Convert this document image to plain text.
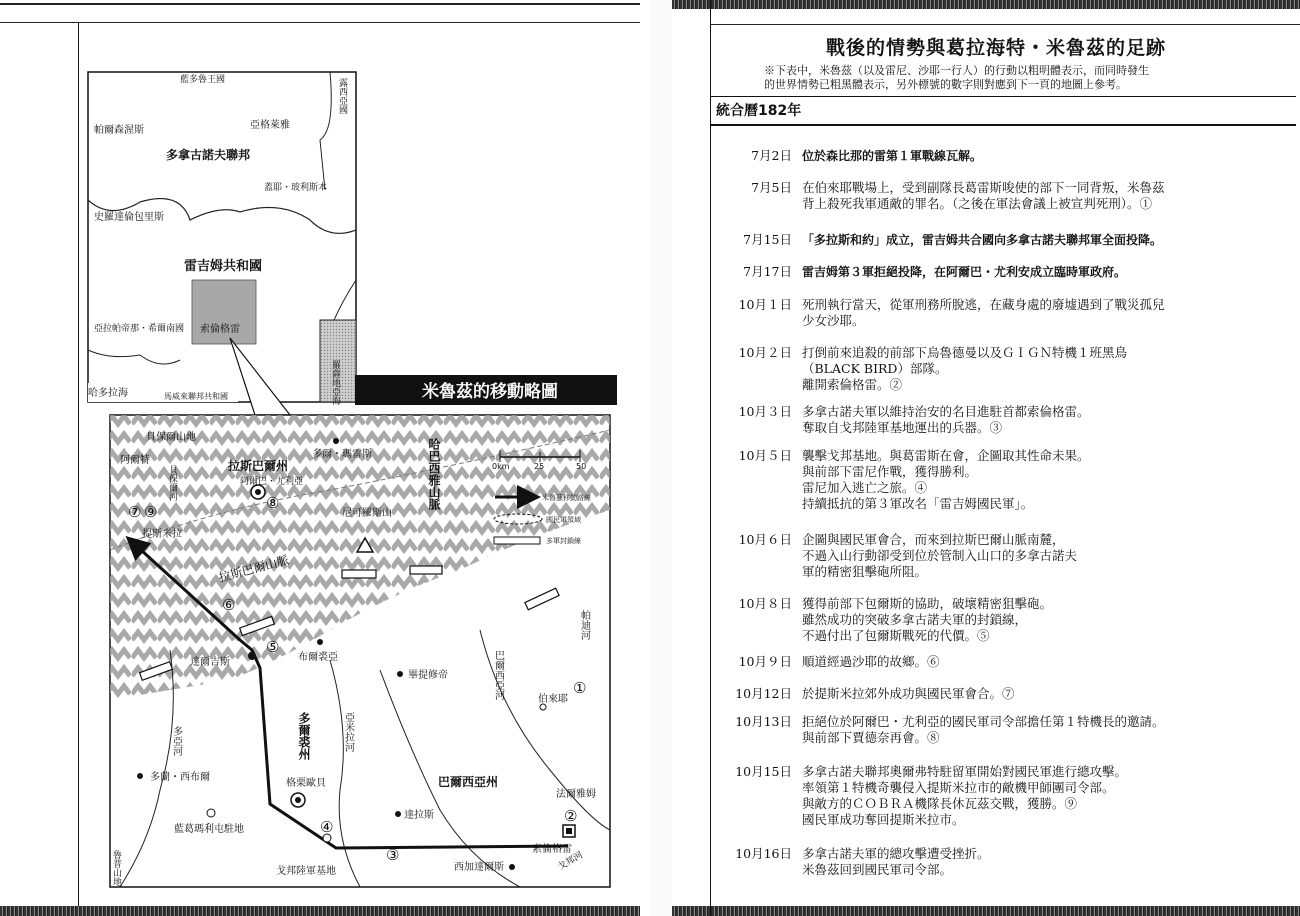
藍多魯王國
帕爾森渥斯	亞格萊雅
多拿古諾夫聯邦
蓋耶・玻利斯本
史羅達倫包里斯
雷吉姆共和國
亞拉帕帝那・希爾南國 索倫格雷
哈多拉海	馬威來聯邦共和國	羅薩地亞海
露西亞國
米魯茲的移動略圖
0km	25	50
米魯茲移動路線
國民軍領域
多軍封鎖線
貝保爾山地
阿爾特
貝保爾河	拉斯巴爾州
阿爾巴・尤利亞
多爾・瑪雷斯	哈巴西雅山脈
尼可羅斯山
提斯米拉
拉斯巴爾山脈
達爾吉斯	布爾裘亞
畢提修帝
多亞河	多爾裘州	亞米拉河
巴爾西亞河
帕迪河
伯來耶
多蘭・西布爾
格栗歐貝	巴爾西亞州
法爾雅姆
達拉斯
藍葛瑪利屯駐地
索倫格雷
戈邦陸軍基地	西加達爾斯
魯普山地	戈邦河
①
②
③
④
⑤
⑥
⑦	⑧
⑨
戰後的情勢與葛拉海特・米魯茲的足跡
※下表中，米魯茲（以及雷尼、沙耶一行人）的行動以粗明體表示，而同時發生
的世界情勢已粗黑體表示，另外標號的數字則對應到下一頁的地圖上參考。
統合曆182年
7月2日 位於森比那的雷第１軍戰線瓦解。
7月5日 在伯來耶戰場上，受到副隊長葛雷斯唆使的部下一同背叛，米魯茲
背上殺死我軍通敵的罪名。（之後在軍法會議上被宣判死刑）。①
7月15日 「多拉斯和約」成立，雷吉姆共合國向多拿古諾夫聯邦軍全面投降。
7月17日 雷吉姆第３軍拒絕投降，在阿爾巴・尤利安成立臨時軍政府。
10月１日 死刑執行當天，從軍刑務所脫逃，在藏身處的廢墟遇到了戰災孤兒
少女沙耶。
10月２日 打倒前來追殺的前部下烏魯德曼以及ＧＩＧＮ特機１班黑鳥
（BLACK BIRD）部隊。
離開索倫格雷。②
10月３日 多拿古諾夫軍以維持治安的名目進駐首都索倫格雷。
奪取自戈邦陸軍基地運出的兵器。③
10月５日 襲擊戈邦基地。與葛雷斯在會，企圖取其性命未果。
與前部下雷尼作戰，獲得勝利。
雷尼加入逃亡之旅。④
持續抵抗的第３軍改名「雷吉姆國民軍」。
10月６日 企圖與國民軍會合，而來到拉斯巴爾山脈南麓，
不過入山行動卻受到位於管制入山口的多拿古諾夫
軍的精密狙擊砲所阻。
10月８日 獲得前部下包爾斯的協助，破壞精密狙擊砲。
雖然成功的突破多拿古諾夫軍的封鎖線，
不過付出了包爾斯戰死的代價。⑤
10月９日 順道經過沙耶的故鄉。⑥
10月12日 於提斯米拉郊外成功與國民軍會合。⑦
10月13日 拒絕位於阿爾巴・尤利亞的國民軍司令部擔任第１特機長的邀請。
與前部下賈德奈再會。⑧
10月15日 多拿古諾夫聯邦奧爾弗特駐留軍開始對國民軍進行總攻擊。
率領第１特機奇襲侵入提斯米拉市的敵機甲師團司令部。
與敵方的ＣＯＢＲＡ機隊長休瓦茲交戰，獲勝。⑨
國民軍成功奪回提斯米拉市。
10月16日 多拿古諾夫軍的總攻擊遭受挫折。
米魯茲回到國民軍司令部。
